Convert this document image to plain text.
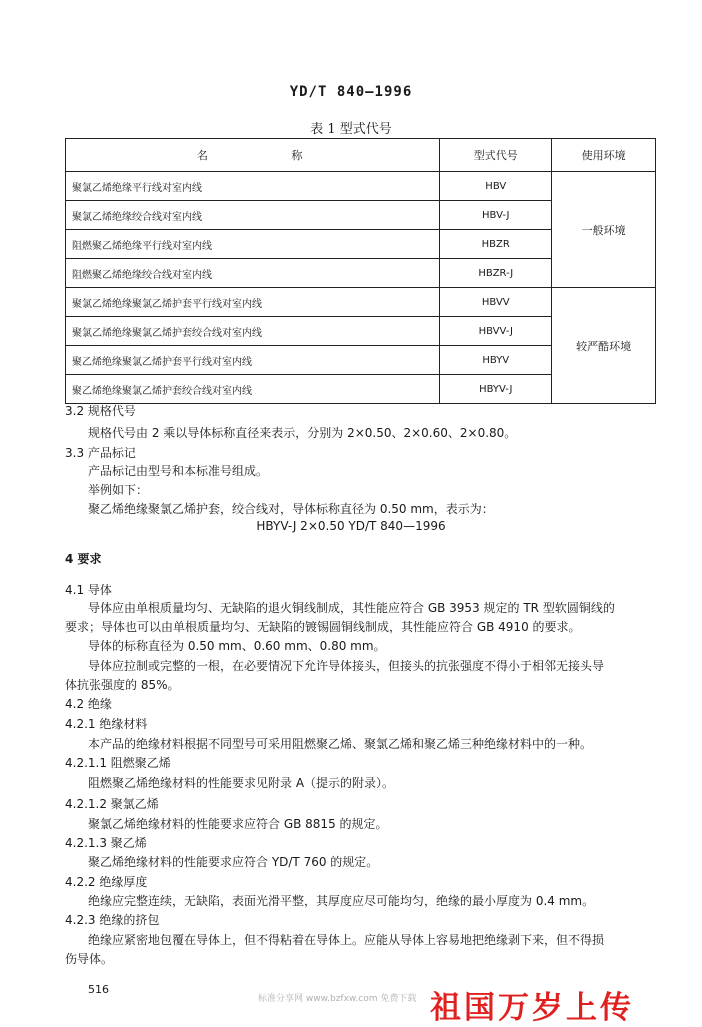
YD/T 840—1996
表 1 型式代号
名 称	型式代号	使用环境
聚氯乙烯绝缘平行线对室内线	HBV	一般环境
聚氯乙烯绝缘绞合线对室内线	HBV-J	
阻燃聚乙烯绝缘平行线对室内线	HBZR	
阻燃聚乙烯绝缘绞合线对室内线	HBZR-J	
聚氯乙烯绝缘聚氯乙烯护套平行线对室内线	HBVV	较严酷环境
聚氯乙烯绝缘聚氯乙烯护套绞合线对室内线	HBVV-J	
聚乙烯绝缘聚氯乙烯护套平行线对室内线	HBYV	
聚乙烯绝缘聚氯乙烯护套绞合线对室内线	HBYV-J	
3.2 规格代号
规格代号由 2 乘以导体标称直径来表示，分别为 2×0.50、2×0.60、2×0.80。
3.3 产品标记
产品标记由型号和本标准号组成。
举例如下：
聚乙烯绝缘聚氯乙烯护套，绞合线对，导体标称直径为 0.50 mm，表示为：
HBYV-J 2×0.50 YD/T 840—1996
4 要求
4.1 导体
导体应由单根质量均匀、无缺陷的退火铜线制成，其性能应符合 GB 3953 规定的 TR 型软圆铜线的
要求；导体也可以由单根质量均匀、无缺陷的镀锡圆铜线制成，其性能应符合 GB 4910 的要求。
导体的标称直径为 0.50 mm、0.60 mm、0.80 mm。
导体应拉制或完整的一根，在必要情况下允许导体接头，但接头的抗张强度不得小于相邻无接头导
体抗张强度的 85%。
4.2 绝缘
4.2.1 绝缘材料
本产品的绝缘材料根据不同型号可采用阻燃聚乙烯、聚氯乙烯和聚乙烯三种绝缘材料中的一种。
4.2.1.1 阻燃聚乙烯
阻燃聚乙烯绝缘材料的性能要求见附录 A（提示的附录）。
4.2.1.2 聚氯乙烯
聚氯乙烯绝缘材料的性能要求应符合 GB 8815 的规定。
4.2.1.3 聚乙烯
聚乙烯绝缘材料的性能要求应符合 YD/T 760 的规定。
4.2.2 绝缘厚度
绝缘应完整连续，无缺陷，表面光滑平整，其厚度应尽可能均匀，绝缘的最小厚度为 0.4 mm。
4.2.3 绝缘的挤包
绝缘应紧密地包覆在导体上，但不得粘着在导体上。应能从导体上容易地把绝缘剥下来，但不得损
伤导体。
516
标准分享网 www.bzfxw.com 免费下载 祖国万岁上传
